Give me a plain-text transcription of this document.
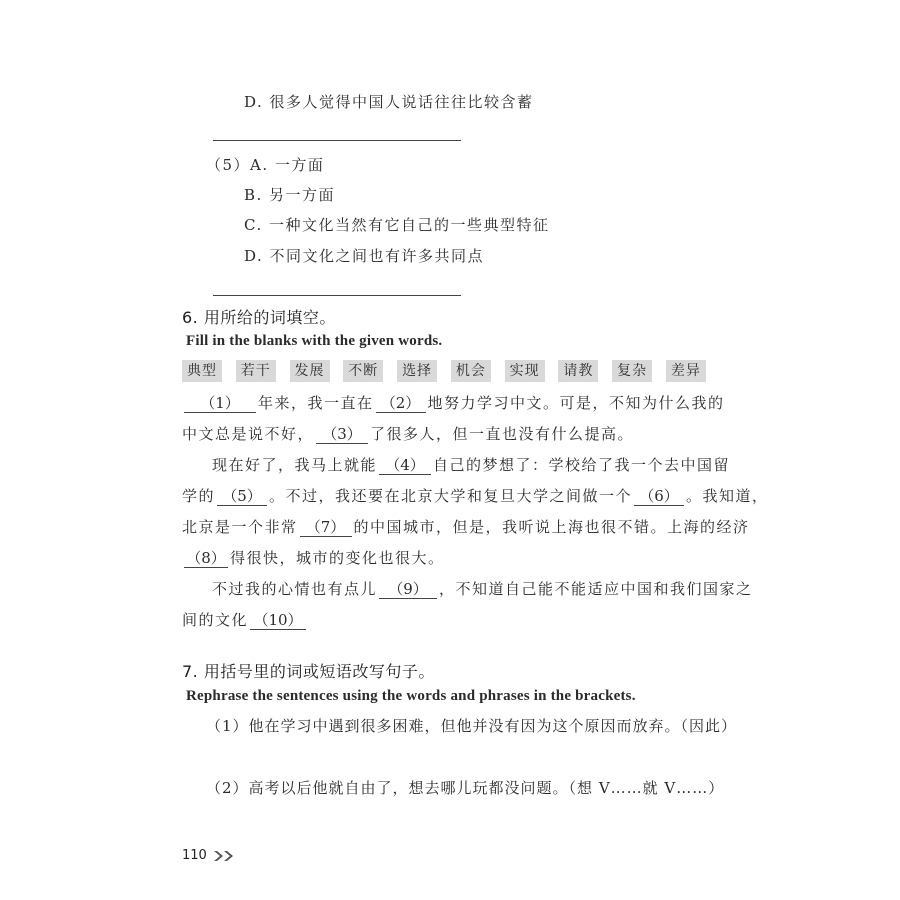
D. 很多人觉得中国人说话往往比较含蓄
（5）A. 一方面
B. 另一方面
C. 一种文化当然有它自己的一些典型特征
D. 不同文化之间也有许多共同点
6. 用所给的词填空。
Fill in the blanks with the given words.
典型	若干	发展	不断	选择	机会	实现	请教	复杂	差异
（1） 年来，我一直在 （2） 地努力学习中文。可是，不知为什么我的
中文总是说不好， （3） 了很多人，但一直也没有什么提高。
现在好了，我马上就能 （4） 自己的梦想了：学校给了我一个去中国留
学的 （5） 。不过，我还要在北京大学和复旦大学之间做一个 （6） 。我知道，
北京是一个非常 （7） 的中国城市，但是，我听说上海也很不错。上海的经济
（8） 得很快，城市的变化也很大。
不过我的心情也有点儿 （9） ，不知道自己能不能适应中国和我们国家之
间的文化 （10）
7. 用括号里的词或短语改写句子。
Rephrase the sentences using the words and phrases in the brackets.
（1）他在学习中遇到很多困难，但他并没有因为这个原因而放弃。（因此）
（2）高考以后他就自由了，想去哪儿玩都没问题。（想 V……就 V……）
110
